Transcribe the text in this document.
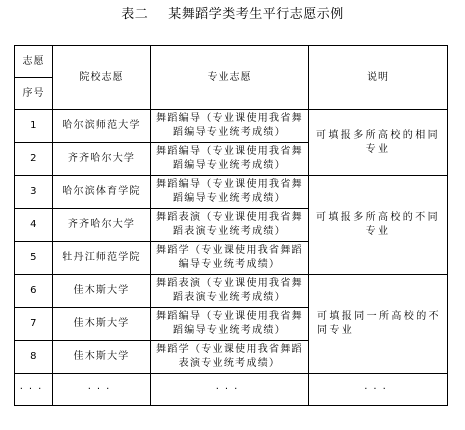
表二 某舞蹈学类考生平行志愿示例
志愿	院校志愿	专业志愿	说明
序号			
1	哈尔滨师范大学	舞蹈编导（专业课使用我省舞蹈编导专业统考成绩）	可填报多所高校的相同专业
2	齐齐哈尔大学	舞蹈编导（专业课使用我省舞蹈编导专业统考成绩）	
3	哈尔滨体育学院	舞蹈编导（专业课使用我省舞蹈编导专业统考成绩）	可填报多所高校的不同专业
4	齐齐哈尔大学	舞蹈表演（专业课使用我省舞蹈表演专业统考成绩）	
5	牡丹江师范学院	舞蹈学（专业课使用我省舞蹈编导专业统考成绩）	
6	佳木斯大学	舞蹈表演（专业课使用我省舞蹈表演专业统考成绩）	可填报同一所高校的不同专业
7	佳木斯大学	舞蹈编导（专业课使用我省舞蹈编导专业统考成绩）	
8	佳木斯大学	舞蹈学（专业课使用我省舞蹈表演专业统考成绩）	
···	···	···	···
